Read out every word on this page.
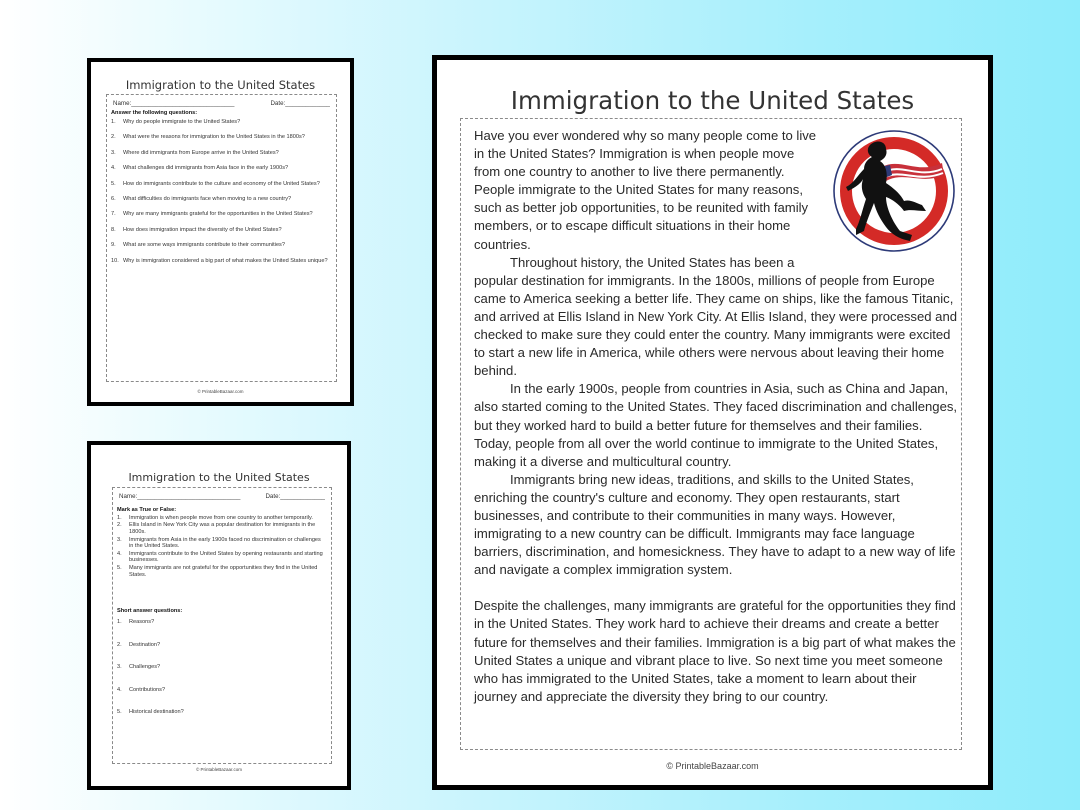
Immigration to the United States
Name:______________________________	Date:_____________
Answer the following questions:
1.	Why do people immigrate to the United States?
2.	What were the reasons for immigration to the United States in the 1800s?
3.	Where did immigrants from Europe arrive in the United States?
4.	What challenges did immigrants from Asia face in the early 1900s?
5.	How do immigrants contribute to the culture and economy of the United States?
6.	What difficulties do immigrants face when moving to a new country?
7.	Why are many immigrants grateful for the opportunities in the United States?
8.	How does immigration impact the diversity of the United States?
9.	What are some ways immigrants contribute to their communities?
10. Why is immigration considered a big part of what makes the United States unique?
© PrintableBazaar.com
Immigration to the United States
Name:______________________________	Date:_____________
Mark as True or False:
1.	Immigration is when people move from one country to another temporarily.
2.	Ellis Island in New York City was a popular destination for immigrants in the 1800s.
3.	Immigrants from Asia in the early 1900s faced no discrimination or challenges in the United States.
4.	Immigrants contribute to the United States by opening restaurants and starting businesses.
5.	Many immigrants are not grateful for the opportunities they find in the United States.
Short answer questions:
1.	Reasons?
2.	Destination?
3.	Challenges?
4.	Contributions?
5.	Historical destination?
© PrintableBazaar.com
Immigration to the United States

Have you ever wondered why so many people come to live in the United States? Immigration is when people move from one country to another to live there permanently. People immigrate to the United States for many reasons, such as better job opportunities, to be reunited with family members, or to escape difficult situations in their home countries.

Throughout history, the United States has been a popular destination for immigrants. In the 1800s, millions of people from Europe came to America seeking a better life. They came on ships, like the famous Titanic, and arrived at Ellis Island in New York City. At Ellis Island, they were processed and checked to make sure they could enter the country. Many immigrants were excited to start a new life in America, while others were nervous about leaving their home behind.

In the early 1900s, people from countries in Asia, such as China and Japan, also started coming to the United States. They faced discrimination and challenges, but they worked hard to build a better future for themselves and their families. Today, people from all over the world continue to immigrate to the United States, making it a diverse and multicultural country.

Immigrants bring new ideas, traditions, and skills to the United States, enriching the country's culture and economy. They open restaurants, start businesses, and contribute to their communities in many ways. However, immigrating to a new country can be difficult. Immigrants may face language barriers, discrimination, and homesickness. They have to adapt to a new way of life and navigate a complex immigration system.

Despite the challenges, many immigrants are grateful for the opportunities they find in the United States. They work hard to achieve their dreams and create a better future for themselves and their families. Immigration is a big part of what makes the United States a unique and vibrant place to live. So next time you meet someone who has immigrated to the United States, take a moment to learn about their journey and appreciate the diversity they bring to our country.

© PrintableBazaar.com
